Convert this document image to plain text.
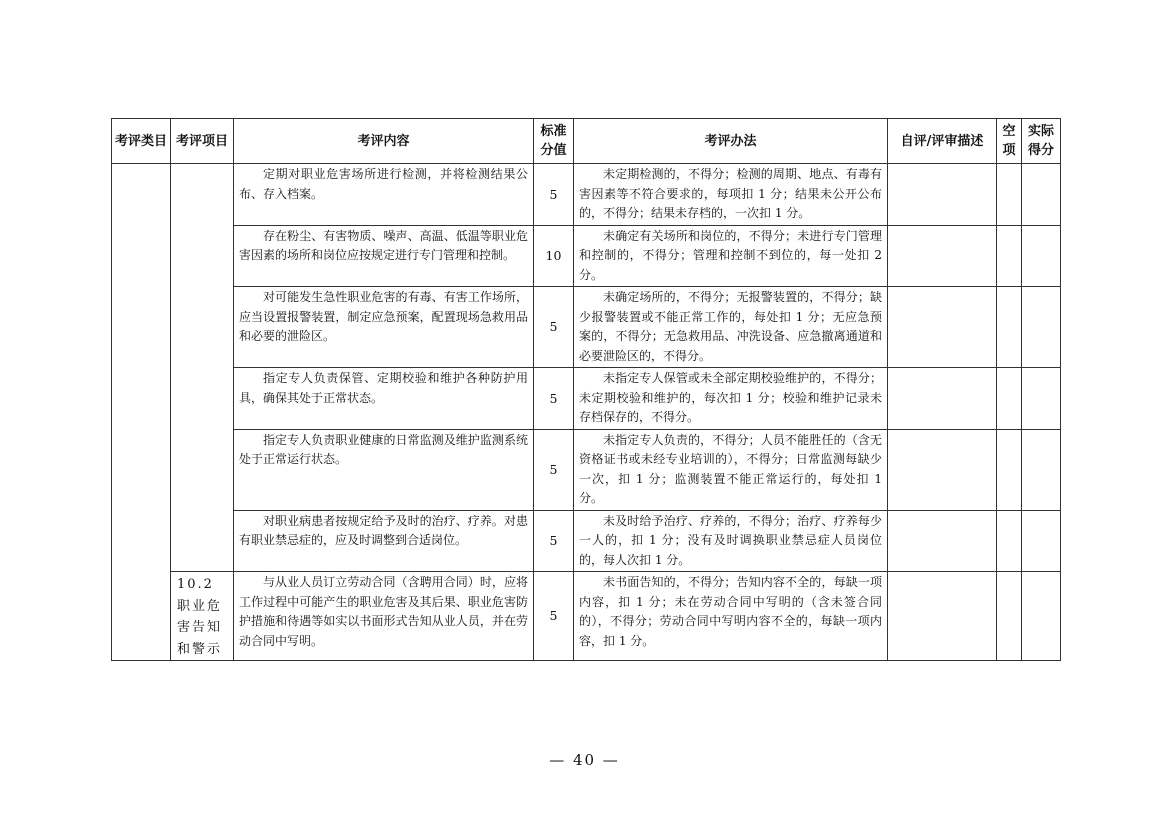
考评类目	考评项目	考评内容	标准分值	考评办法	自评/评审描述	空项	实际得分
		定期对职业危害场所进行检测，并将检测结果公布、存入档案。	5	未定期检测的，不得分；检测的周期、地点、有毒有害因素等不符合要求的，每项扣 1 分；结果未公开公布的，不得分；结果未存档的，一次扣 1 分。			
		存在粉尘、有害物质、噪声、高温、低温等职业危害因素的场所和岗位应按规定进行专门管理和控制。	10	未确定有关场所和岗位的，不得分；未进行专门管理和控制的，不得分；管理和控制不到位的，每一处扣 2 分。			
		对可能发生急性职业危害的有毒、有害工作场所，应当设置报警装置，制定应急预案，配置现场急救用品和必要的泄险区。	5	未确定场所的，不得分；无报警装置的，不得分；缺少报警装置或不能正常工作的，每处扣 1 分；无应急预案的，不得分；无急救用品、冲洗设备、应急撤离通道和必要泄险区的，不得分。			
		指定专人负责保管、定期校验和维护各种防护用具，确保其处于正常状态。	5	未指定专人保管或未全部定期校验维护的，不得分；未定期校验和维护的，每次扣 1 分；校验和维护记录未存档保存的，不得分。			
		指定专人负责职业健康的日常监测及维护监测系统处于正常运行状态。	5	未指定专人负责的，不得分；人员不能胜任的（含无资格证书或未经专业培训的），不得分；日常监测每缺少一次，扣 1 分；监测装置不能正常运行的，每处扣 1 分。			
		对职业病患者按规定给予及时的治疗、疗养。对患有职业禁忌症的，应及时调整到合适岗位。	5	未及时给予治疗、疗养的，不得分；治疗、疗养每少一人的，扣 1 分；没有及时调换职业禁忌症人员岗位的，每人次扣 1 分。			
	10.2 职业危害告知和警示	与从业人员订立劳动合同（含聘用合同）时，应将工作过程中可能产生的职业危害及其后果、职业危害防护措施和待遇等如实以书面形式告知从业人员，并在劳动合同中写明。	5	未书面告知的，不得分；告知内容不全的，每缺一项内容，扣 1 分；未在劳动合同中写明的（含未签合同的），不得分；劳动合同中写明内容不全的，每缺一项内容，扣 1 分。			
— 40 —
